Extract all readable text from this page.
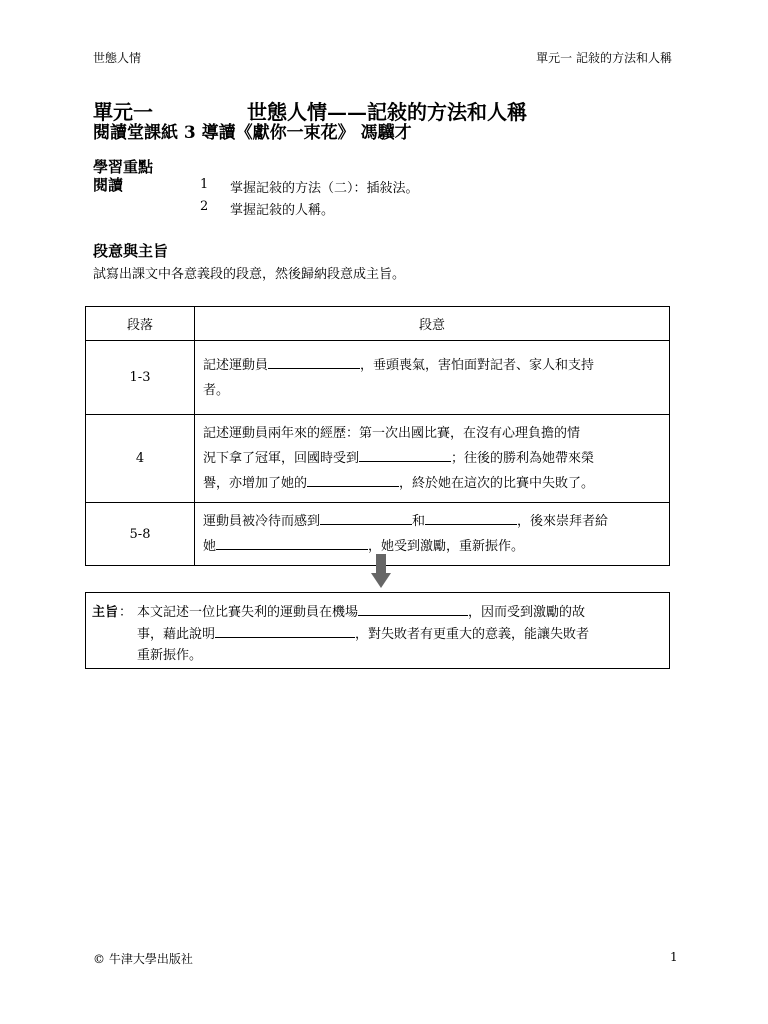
世態人情	單元一 記敍的方法和人稱
單元一	世態人情——記敍的方法和人稱
閱讀堂課紙 3 導讀《獻你一束花》 馮驥才
學習重點
閱讀	1 掌握記敍的方法（二）：插敍法。
2 掌握記敍的人稱。
段意與主旨
試寫出課文中各意義段的段意，然後歸納段意成主旨。
段落	段意
1-3	記述運動員 ，垂頭喪氣，害怕面對記者、家人和支持
者。
4	記述運動員兩年來的經歷：第一次出國比賽，在沒有心理負擔的情
況下拿了冠軍，回國時受到 ；往後的勝利為她帶來榮
譽，亦增加了她的 ，終於她在這次的比賽中失敗了。
5-8	運動員被冷待而感到 和 ，後來崇拜者給
她 ，她受到激勵，重新振作。
主旨 ： 本文記述一位比賽失利的運動員在機場	，因而受到激勵的故
事，藉此說明	，對失敗者有更重大的意義，能讓失敗者
重新振作。
© 牛津大學出版社	1
